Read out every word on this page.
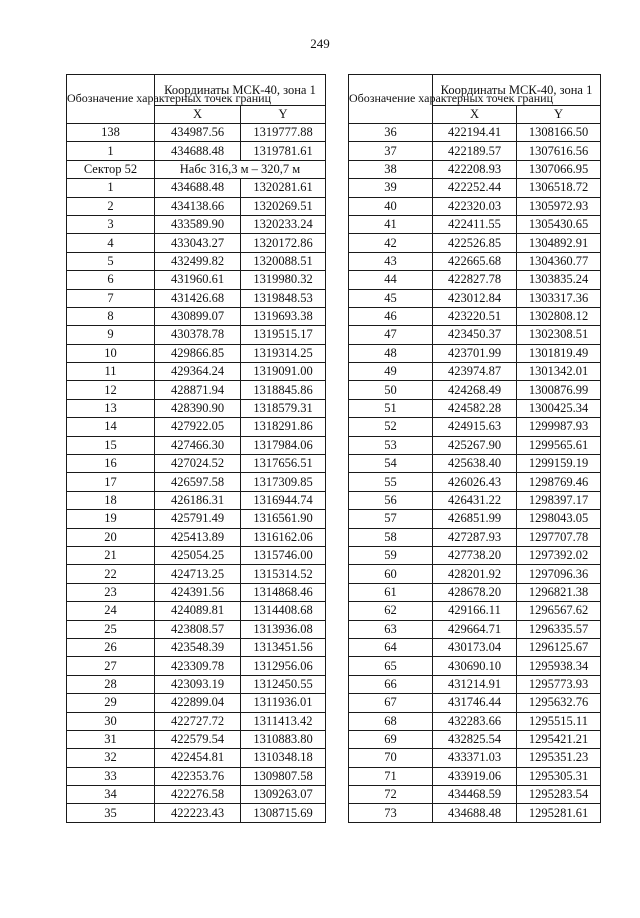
249
Обозначение характерных точек границ	Координаты МСК-40, зона 1	
	X	Y
138	434987.56	1319777.88
1	434688.48	1319781.61
Сектор 52	Набс 316,3 м – 320,7 м	
1	434688.48	1320281.61
2	434138.66	1320269.51
3	433589.90	1320233.24
4	433043.27	1320172.86
5	432499.82	1320088.51
6	431960.61	1319980.32
7	431426.68	1319848.53
8	430899.07	1319693.38
9	430378.78	1319515.17
10	429866.85	1319314.25
11	429364.24	1319091.00
12	428871.94	1318845.86
13	428390.90	1318579.31
14	427922.05	1318291.86
15	427466.30	1317984.06
16	427024.52	1317656.51
17	426597.58	1317309.85
18	426186.31	1316944.74
19	425791.49	1316561.90
20	425413.89	1316162.06
21	425054.25	1315746.00
22	424713.25	1315314.52
23	424391.56	1314868.46
24	424089.81	1314408.68
25	423808.57	1313936.08
26	423548.39	1313451.56
27	423309.78	1312956.06
28	423093.19	1312450.55
29	422899.04	1311936.01
30	422727.72	1311413.42
31	422579.54	1310883.80
32	422454.81	1310348.18
33	422353.76	1309807.58
34	422276.58	1309263.07
35	422223.43	1308715.69
Обозначение характерных точек границ	Координаты МСК-40, зона 1	
	X	Y
36	422194.41	1308166.50
37	422189.57	1307616.56
38	422208.93	1307066.95
39	422252.44	1306518.72
40	422320.03	1305972.93
41	422411.55	1305430.65
42	422526.85	1304892.91
43	422665.68	1304360.77
44	422827.78	1303835.24
45	423012.84	1303317.36
46	423220.51	1302808.12
47	423450.37	1302308.51
48	423701.99	1301819.49
49	423974.87	1301342.01
50	424268.49	1300876.99
51	424582.28	1300425.34
52	424915.63	1299987.93
53	425267.90	1299565.61
54	425638.40	1299159.19
55	426026.43	1298769.46
56	426431.22	1298397.17
57	426851.99	1298043.05
58	427287.93	1297707.78
59	427738.20	1297392.02
60	428201.92	1297096.36
61	428678.20	1296821.38
62	429166.11	1296567.62
63	429664.71	1296335.57
64	430173.04	1296125.67
65	430690.10	1295938.34
66	431214.91	1295773.93
67	431746.44	1295632.76
68	432283.66	1295515.11
69	432825.54	1295421.21
70	433371.03	1295351.23
71	433919.06	1295305.31
72	434468.59	1295283.54
73	434688.48	1295281.61
